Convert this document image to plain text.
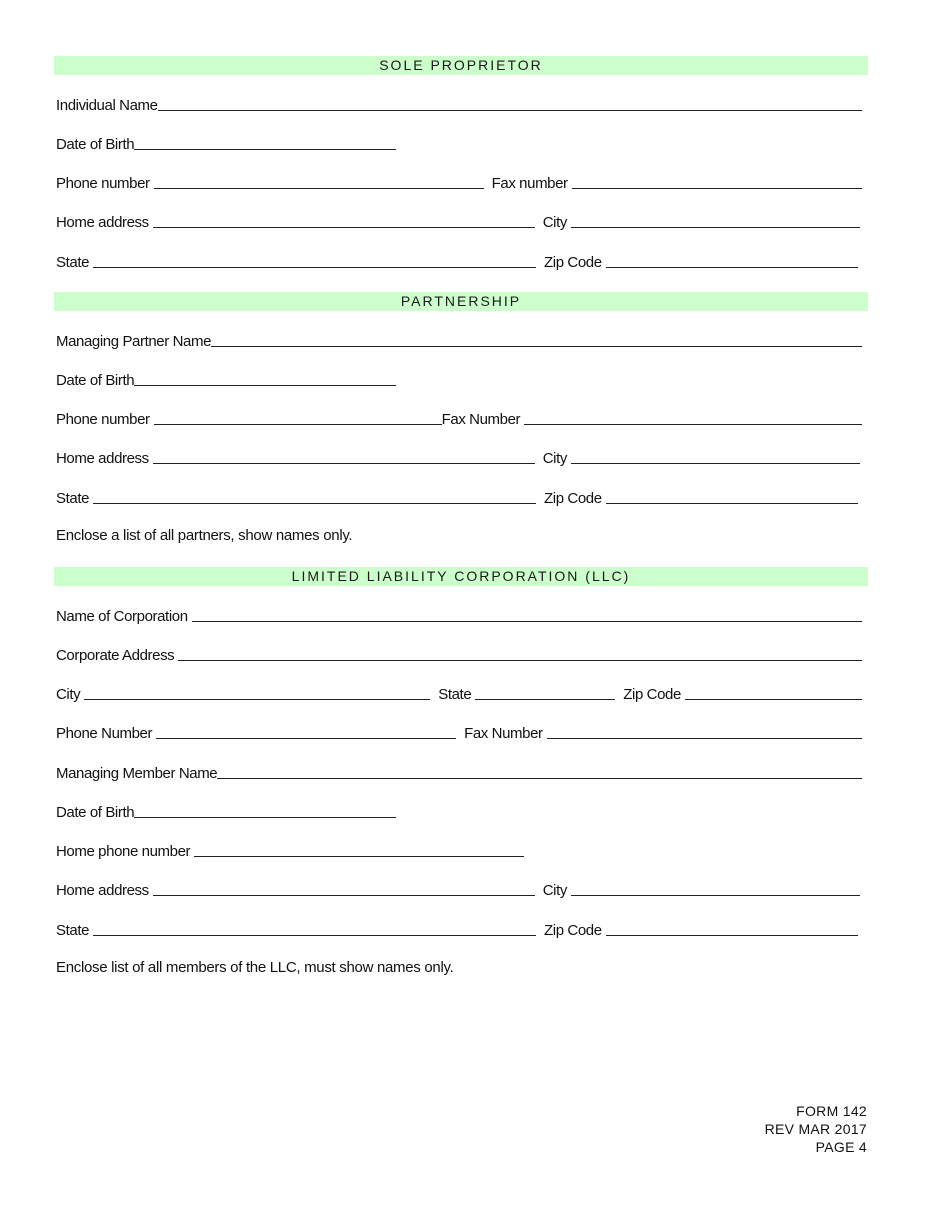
SOLE PROPRIETOR
Individual Name
Date of Birth
Phone number	Fax number
Home address	City
State	Zip Code
PARTNERSHIP
Managing Partner Name
Date of Birth
Phone number	Fax Number
Home address	City
State	Zip Code
Enclose a list of all partners, show names only.
LIMITED LIABILITY CORPORATION (LLC)
Name of Corporation
Corporate Address
City	State	Zip Code
Phone Number	Fax Number
Managing Member Name
Date of Birth
Home phone number
Home address	City
State	Zip Code
Enclose list of all members of the LLC, must show names only.
FORM 142
REV MAR 2017
PAGE 4
